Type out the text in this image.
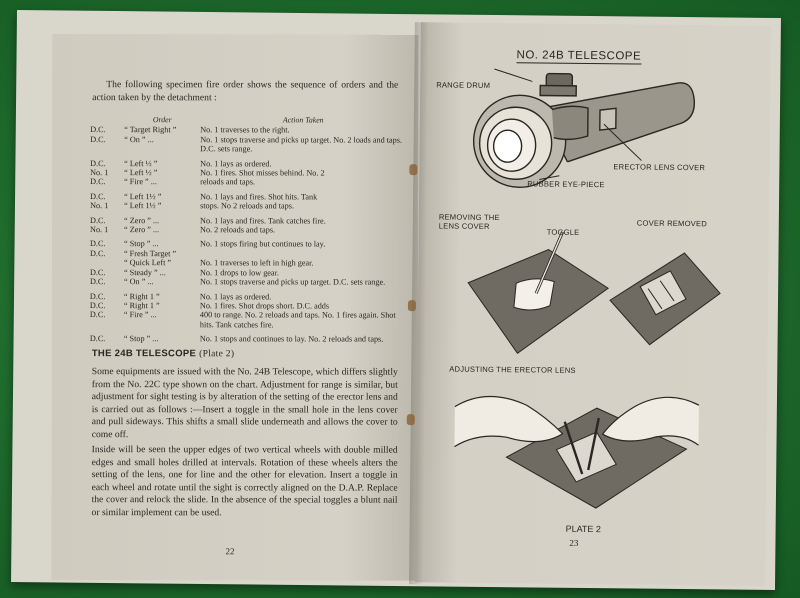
The following specimen fire order shows the sequence of orders and the action taken by the detachment :
	Order	Action Taken
D.C.	“ Target Right ”	No. 1 traverses to the right.
D.C.	“ On ” ...	No. 1 stops traverse and picks up target. No. 2 loads and taps. D.C. sets range.

D.C.	“ Left ½ ”	No. 1 lays as ordered.
No. 1	“ Left ½ ”	No. 1 fires. Shot misses behind. No. 2
D.C.	“ Fire ” ...	reloads and taps.

D.C.	“ Left 1½ ”	No. 1 lays and fires. Shot hits. Tank
No. 1	“ Left 1½ ”	stops. No 2 reloads and taps.

D.C.	“ Zero ” ...	No. 1 lays and fires. Tank catches fire.
No. 1	“ Zero ” ...	No. 2 reloads and taps.

D.C.	“ Stop ” ...	No. 1 stops firing but continues to lay.
D.C.	“ Fresh Target ”	
	“ Quick Left ”	No. 1 traverses to left in high gear.
D.C.	“ Steady ” ...	No. 1 drops to low gear.
D.C.	“ On ” ...	No. 1 stops traverse and picks up target. D.C. sets range.

D.C.	“ Right 1 ”	No. 1 lays as ordered.
D.C.	“ Right 1 ”	No. 1 fires. Shot drops short. D.C. adds
D.C.	“ Fire ” ...	400 to range. No. 2 reloads and taps. No. 1 fires again. Shot hits. Tank catches fire.

D.C.	“ Stop ” ...	No. 1 stops and continues to lay. No. 2 reloads and taps.
THE 24B TELESCOPE (Plate 2)
Some equipments are issued with the No. 24B Telescope, which differs slightly from the No. 22C type shown on the chart. Adjustment for range is similar, but adjustment for sight testing is by alteration of the setting of the erector lens and is carried out as follows :—Insert a toggle in the small hole in the lens cover and pull sideways. This shifts a small slide underneath and allows the cover to come off.
Inside will be seen the upper edges of two vertical wheels with double milled edges and small holes drilled at intervals. Rotation of these wheels alters the setting of the lens, one for line and the other for elevation. Insert a toggle in each wheel and rotate until the sight is correctly aligned on the D.A.P. Replace the cover and relock the slide. In the absence of the special toggles a blunt nail or similar implement can be used.
22
NO. 24B TELESCOPE
RANGE DRUM
ERECTOR LENS COVER
RUBBER EYE-PIECE
REMOVING THE LENS COVER
TOGGLE
COVER REMOVED
ADJUSTING THE ERECTOR LENS
PLATE 2
23
